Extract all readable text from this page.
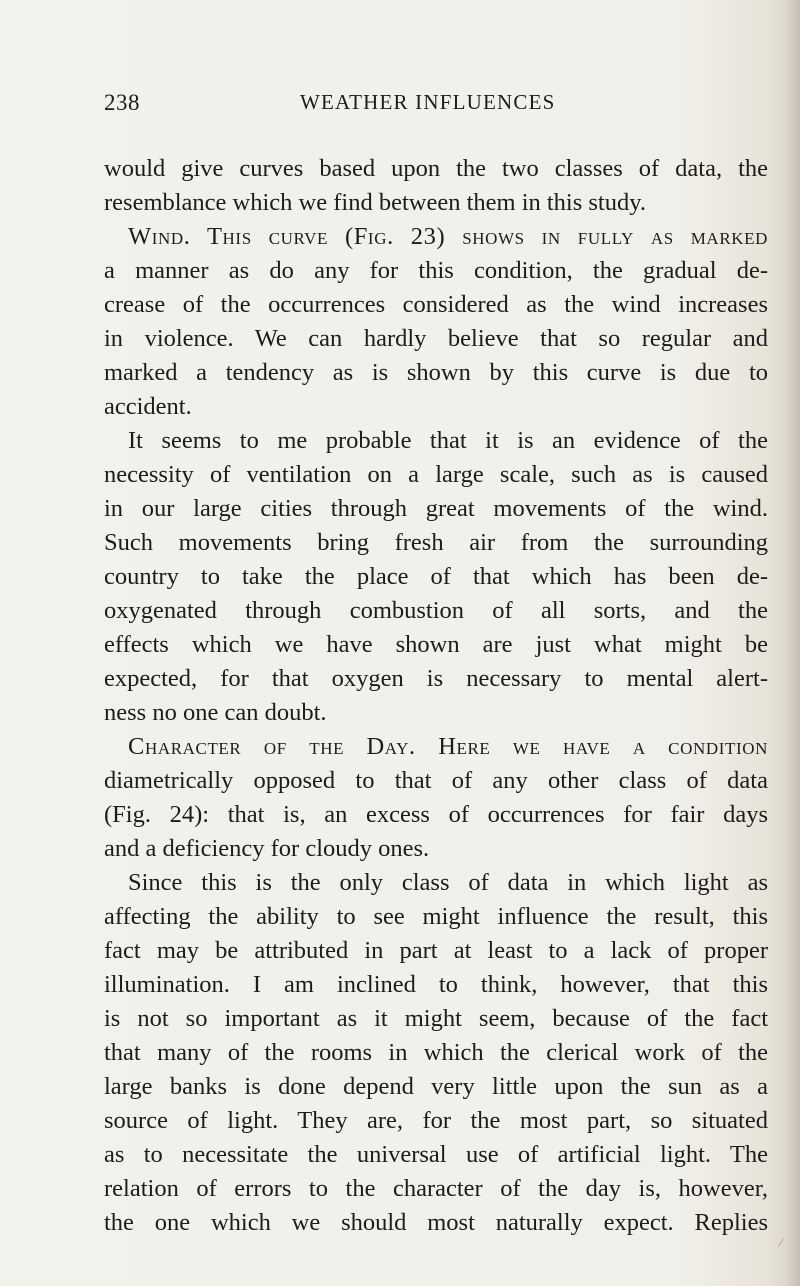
238	WEATHER INFLUENCES
would give curves based upon the two classes of data, the
resemblance which we find between them in this study.
Wind. This curve (Fig. 23) shows in fully as marked
a manner as do any for this condition, the gradual de-
crease of the occurrences considered as the wind increases
in violence. We can hardly believe that so regular and
marked a tendency as is shown by this curve is due to
accident.
It seems to me probable that it is an evidence of the
necessity of ventilation on a large scale, such as is caused
in our large cities through great movements of the wind.
Such movements bring fresh air from the surrounding
country to take the place of that which has been de-
oxygenated through combustion of all sorts, and the
effects which we have shown are just what might be
expected, for that oxygen is necessary to mental alert-
ness no one can doubt.
Character of the Day. Here we have a condition
diametrically opposed to that of any other class of data
(Fig. 24): that is, an excess of occurrences for fair days
and a deficiency for cloudy ones.
Since this is the only class of data in which light as
affecting the ability to see might influence the result, this
fact may be attributed in part at least to a lack of proper
illumination. I am inclined to think, however, that this
is not so important as it might seem, because of the fact
that many of the rooms in which the clerical work of the
large banks is done depend very little upon the sun as a
source of light. They are, for the most part, so situated
as to necessitate the universal use of artificial light. The
relation of errors to the character of the day is, however,
the one which we should most naturally expect. Replies
